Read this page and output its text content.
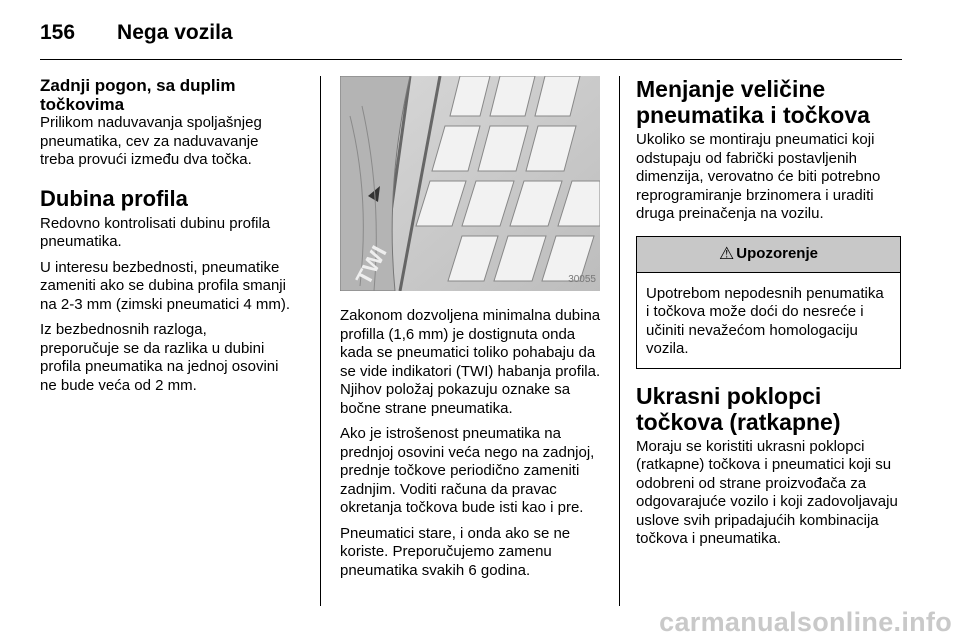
156 Nega vozila
Zadnji pogon, sa duplim točkovima

Prilikom naduvavanja spoljašnjeg pneumatika, cev za naduvavanje treba provući između dva točka.

Dubina profila

Redovno kontrolisati dubinu profila pneumatika.

U interesu bezbednosti, pneumatike zameniti ako se dubina profila smanji na 2-3 mm (zimski pneumatici 4 mm).

Iz bezbednosnih razloga, preporučuje se da razlika u dubini profila pneumatika na jednoj osovini ne bude veća od 2 mm.

TWI	30055

Zakonom dozvoljena minimalna dubina profilla (1,6 mm) je dostignuta onda kada se pneumatici toliko pohabaju da se vide indikatori (TWI) habanja profila. Njihov položaj pokazuju oznake sa bočne strane pneumatika.

Ako je istrošenost pneumatika na prednjoj osovini veća nego na zadnjoj, prednje točkove periodično zameniti zadnjim. Voditi računa da pravac okretanja točkova bude isti kao i pre.

Pneumatici stare, i onda ako se ne koriste. Preporučujemo zamenu pneumatika svakih 6 godina.

Menjanje veličine pneumatika i točkova

Ukoliko se montiraju pneumatici koji odstupaju od fabrički postavljenih dimenzija, verovatno će biti potrebno reprogramiranje brzinomera i uraditi druga preinačenja na vozilu.

⚠ Upozorenje
Upotrebom nepodesnih penumatika i točkova može doći do nesreće i učiniti nevažećom homologaciju vozila.
Ukrasni poklopci točkova (ratkapne)

Moraju se koristiti ukrasni poklopci (ratkapne) točkova i pneumatici koji su odobreni od strane proizvođača za odgovarajuće vozilo i koji zadovoljavaju uslove svih pripadajućih kombinacija točkova i pneumatika.

carmanualsonline.info
